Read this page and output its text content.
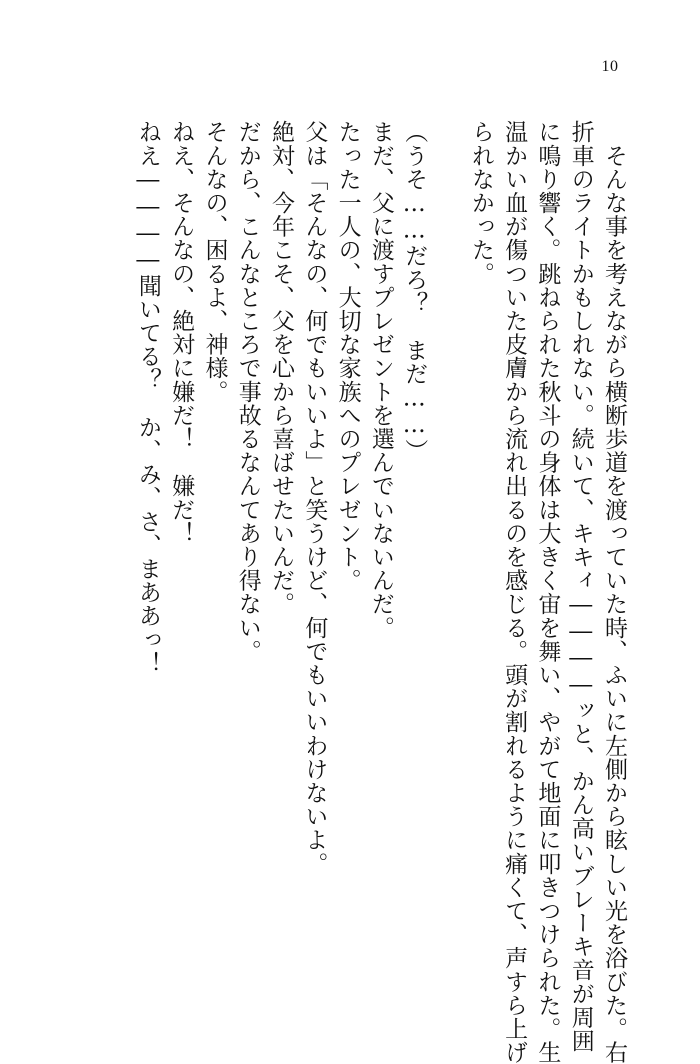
10

　そんな事を考えながら横断歩道を渡っていた時、ふいに左側から眩しい光を浴びた。右

折車のライトかもしれない。続いて、キキィ――――ッと、かん高いブレーキ音が周囲

に鳴り響く。跳ねられた秋斗の身体は大きく宙を舞い、やがて地面に叩きつけられた。生

温かい血が傷ついた皮膚から流れ出るのを感じる。頭が割れるように痛くて、声すら上げ

られなかった。

（うそ……だろ？　まだ……）

まだ、父に渡すプレゼントを選んでいないんだ。

たった一人の、大切な家族へのプレゼント。

父は「そんなの、何でもいいよ」と笑うけど、何でもいいわけないよ。

絶対、今年こそ、父を心から喜ばせたいんだ。

だから、こんなところで事故るなんてあり得ない。

そんなの、困るよ、神様。

ねえ、そんなの、絶対に嫌だ！　嫌だ！

ねえ――――聞いてる？　か、み、さ、まああっ！
